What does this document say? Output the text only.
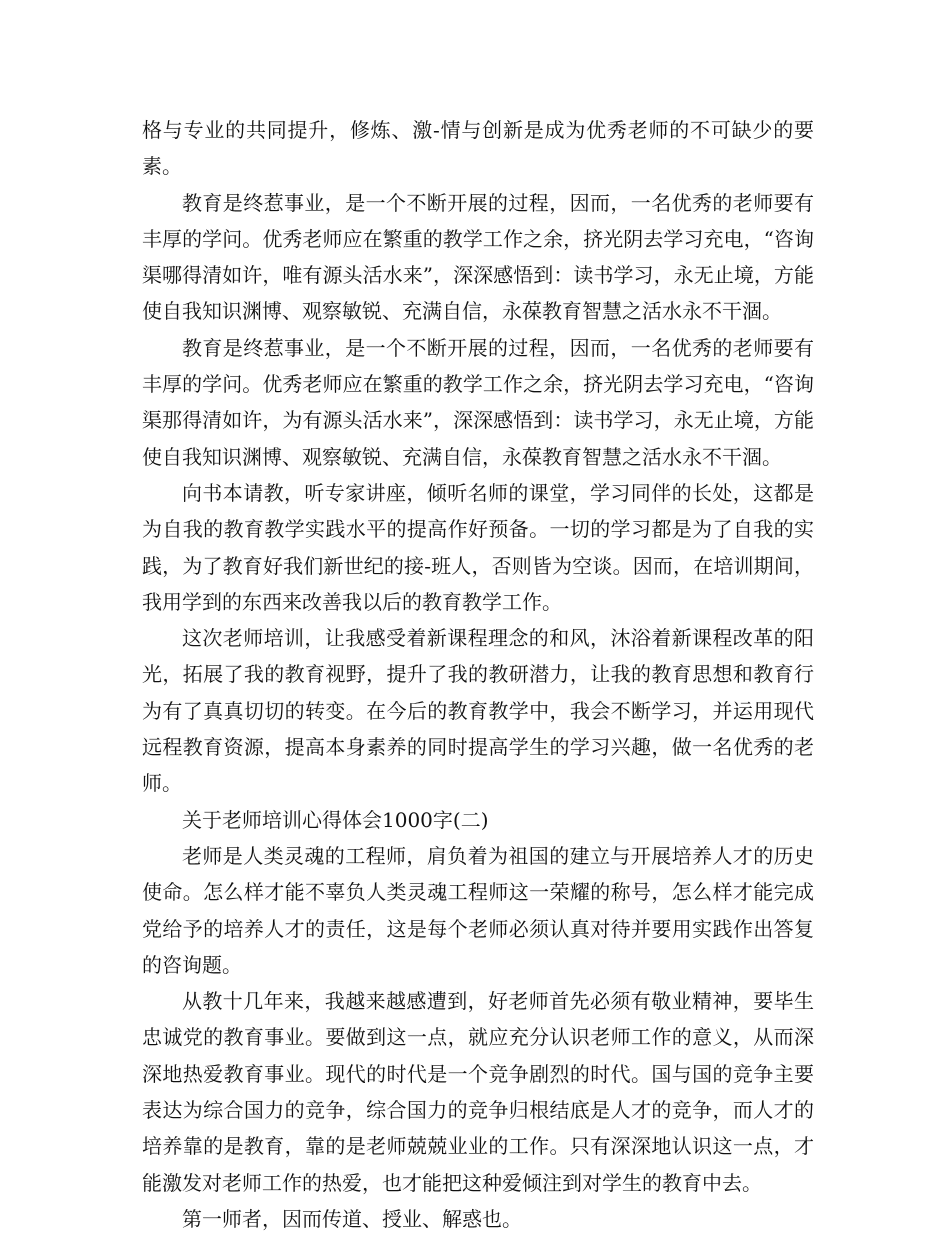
格与专业的共同提升，修炼、激-情与创新是成为优秀老师的不可缺少的要素。

教育是终惹事业，是一个不断开展的过程，因而，一名优秀的老师要有丰厚的学问。优秀老师应在繁重的教学工作之余，挤光阴去学习充电，“咨询渠哪得清如许，唯有源头活水来”，深深感悟到：读书学习，永无止境，方能使自我知识渊博、观察敏锐、充满自信，永葆教育智慧之活水永不干涸。

教育是终惹事业，是一个不断开展的过程，因而，一名优秀的老师要有丰厚的学问。优秀老师应在繁重的教学工作之余，挤光阴去学习充电，“咨询渠那得清如许，为有源头活水来”，深深感悟到：读书学习，永无止境，方能使自我知识渊博、观察敏锐、充满自信，永葆教育智慧之活水永不干涸。

向书本请教，听专家讲座，倾听名师的课堂，学习同伴的长处，这都是为自我的教育教学实践水平的提高作好预备。一切的学习都是为了自我的实践，为了教育好我们新世纪的接-班人，否则皆为空谈。因而，在培训期间，我用学到的东西来改善我以后的教育教学工作。

这次老师培训，让我感受着新课程理念的和风，沐浴着新课程改革的阳光，拓展了我的教育视野，提升了我的教研潜力，让我的教育思想和教育行为有了真真切切的转变。在今后的教育教学中，我会不断学习，并运用现代远程教育资源，提高本身素养的同时提高学生的学习兴趣，做一名优秀的老师。

关于老师培训心得体会1000字(二)

老师是人类灵魂的工程师，肩负着为祖国的建立与开展培养人才的历史使命。怎么样才能不辜负人类灵魂工程师这一荣耀的称号，怎么样才能完成党给予的培养人才的责任，这是每个老师必须认真对待并要用实践作出答复的咨询题。

从教十几年来，我越来越感遭到，好老师首先必须有敬业精神，要毕生忠诚党的教育事业。要做到这一点，就应充分认识老师工作的意义，从而深深地热爱教育事业。现代的时代是一个竞争剧烈的时代。国与国的竞争主要表达为综合国力的竞争，综合国力的竞争归根结底是人才的竞争，而人才的培养靠的是教育，靠的是老师兢兢业业的工作。只有深深地认识这一点，才能激发对老师工作的热爱，也才能把这种爱倾注到对学生的教育中去。

第一师者，因而传道、授业、解惑也。
